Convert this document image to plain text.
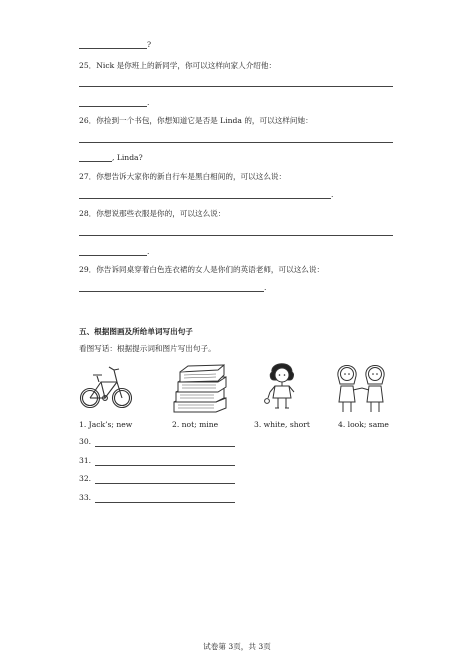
?
25．Nick 是你班上的新同学，你可以这样向家人介绍他：
.
26．你捡到一个书包，你想知道它是否是 Linda 的，可以这样问她：
, Linda?
27．你想告诉大家你的新自行车是黑白相间的，可以这么说：
.
28．你想说那些衣服是你的，可以这么说：
.
29．你告诉同桌穿着白色连衣裙的女人是你们的英语老师，可以这么说：
.
五、根据图画及所给单词写出句子
看图写话：根据提示词和图片写出句子。
1. Jack’s; new	2. not; mine	3. white, short	4. look; same
30.
31.
32.
33.
试卷第 3页，共 3页
